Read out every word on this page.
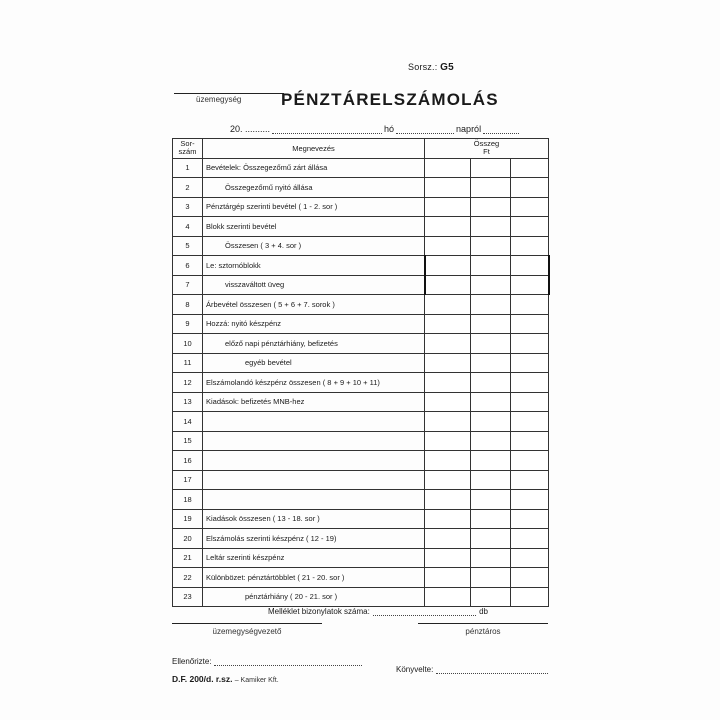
Sorsz.: G5
üzemegység PÉNZTÁRELSZÁMOLÁS
20. ..........	hó	napról
Sor-
szám	Megnevezés	
Összeg
Ft

1	Bevételek: Összegezőmű zárt állása			
2	Összegezőmű nyitó állása			
3	Pénztárgép szerinti bevétel ( 1 - 2. sor )			
4	Blokk szerinti bevétel			
5	Összesen ( 3 + 4. sor )			
6	Le: sztornóblokk			
7	visszaváltott üveg			
8	Árbevétel összesen ( 5 + 6 + 7. sorok )			
9	Hozzá: nyitó készpénz			
10	előző napi pénztárhiány, befizetés			
11	egyéb bevétel			
12	Elszámolandó készpénz összesen ( 8 + 9 + 10 + 11)			
13	Kiadások: befizetés MNB-hez			
14				
15				
16				
17				
18				
19	Kiadások összesen ( 13 - 18. sor )			
20	Elszámolás szerinti készpénz ( 12 - 19)			
21	Leltár szerinti készpénz			
22	Különbözet: pénztártöbblet ( 21 - 20. sor )			
23	pénztárhiány ( 20 - 21. sor )			
Melléklet bizonylatok száma:	db
üzemegységvezető	pénztáros
Ellenőrizte:
D.F. 200/d. r.sz. – Kamiker Kft.
Könyvelte:
